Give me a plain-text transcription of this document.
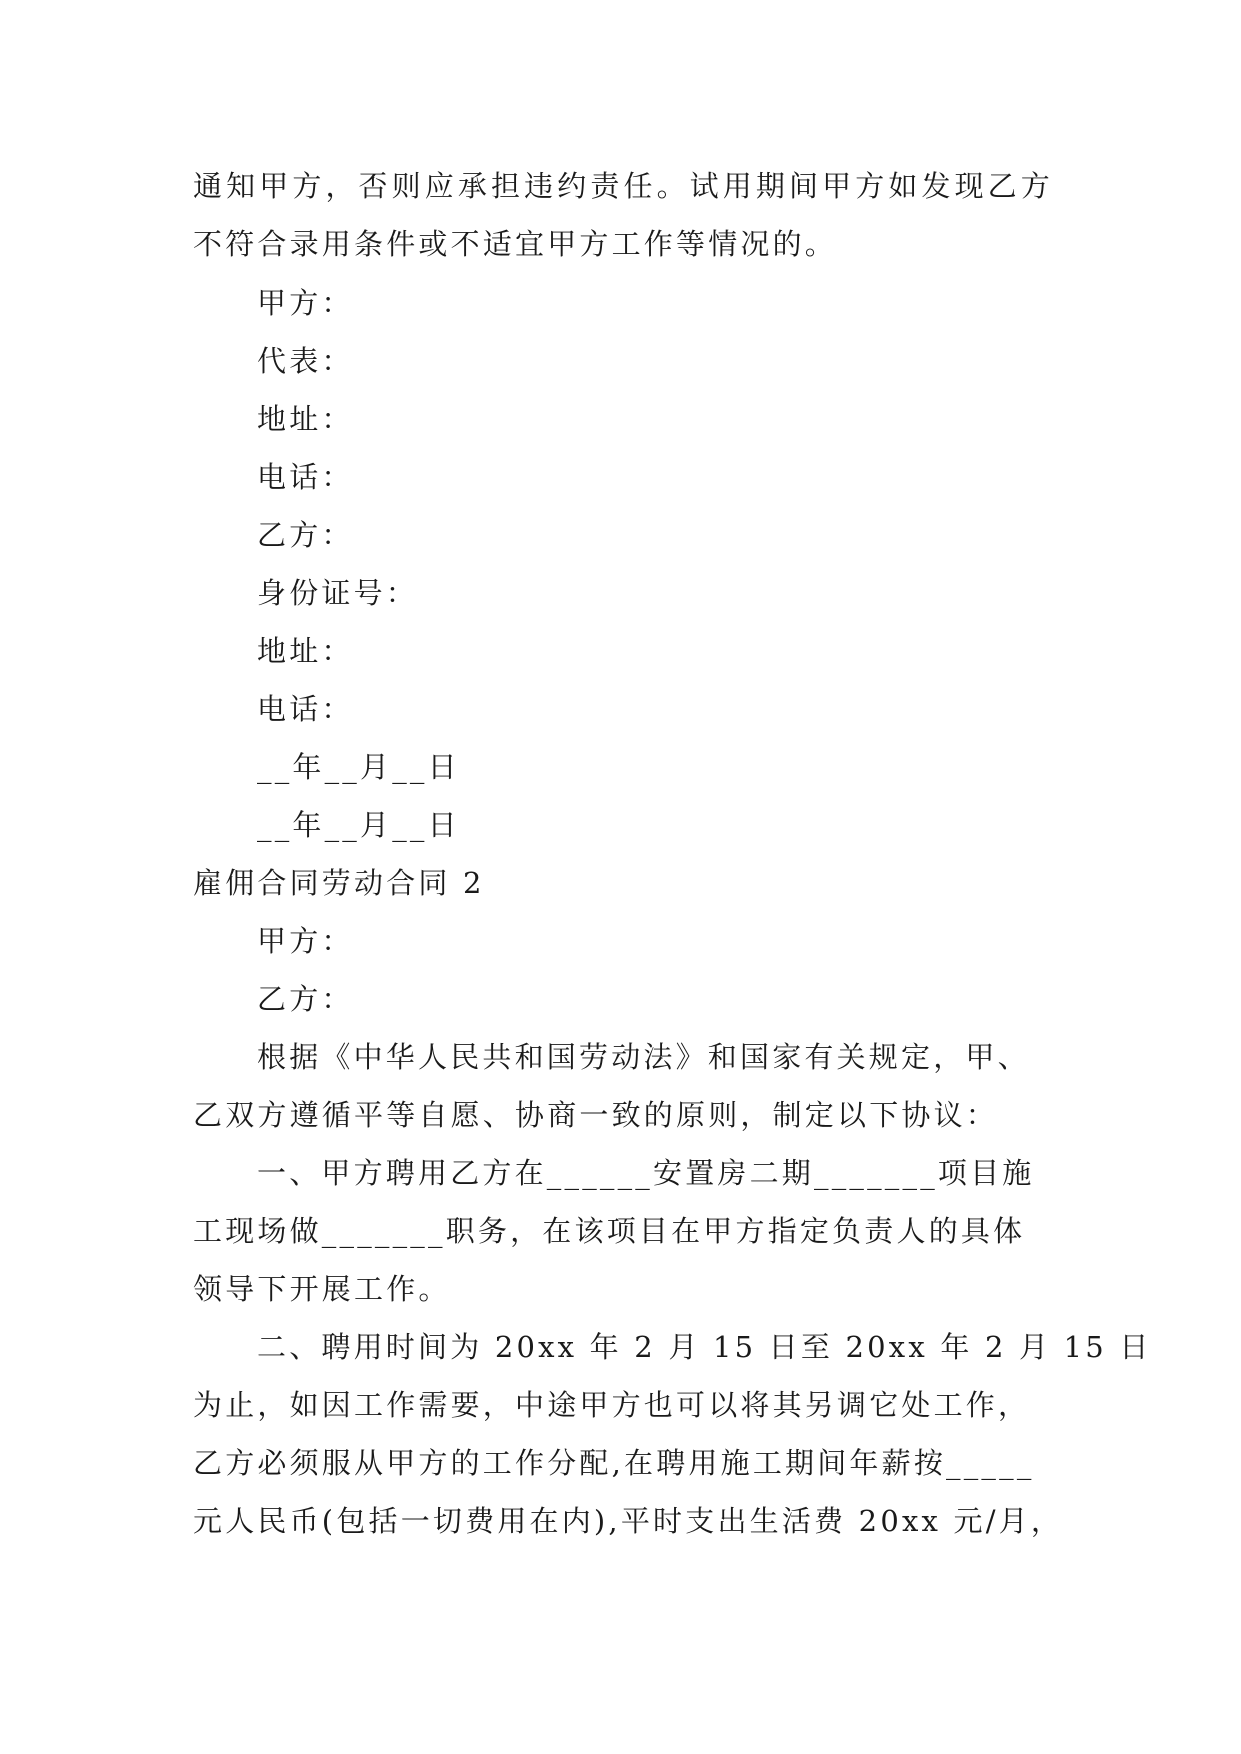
通知甲方，否则应承担违约责任。试用期间甲方如发现乙方
不符合录用条件或不适宜甲方工作等情况的。
甲方：
代表：
地址：
电话：
乙方：
身份证号：
地址：
电话：
__年__月__日
__年__月__日
雇佣合同劳动合同 2
甲方：
乙方：
根据《中华人民共和国劳动法》和国家有关规定，甲、
乙双方遵循平等自愿、协商一致的原则，制定以下协议：
一、甲方聘用乙方在______安置房二期_______项目施
工现场做_______职务，在该项目在甲方指定负责人的具体
领导下开展工作。
二、聘用时间为 20xx 年 2 月 15 日至 20xx 年 2 月 15 日
为止，如因工作需要，中途甲方也可以将其另调它处工作，
乙方必须服从甲方的工作分配,在聘用施工期间年薪按_____
元人民币(包括一切费用在内),平时支出生活费 20xx 元/月，
